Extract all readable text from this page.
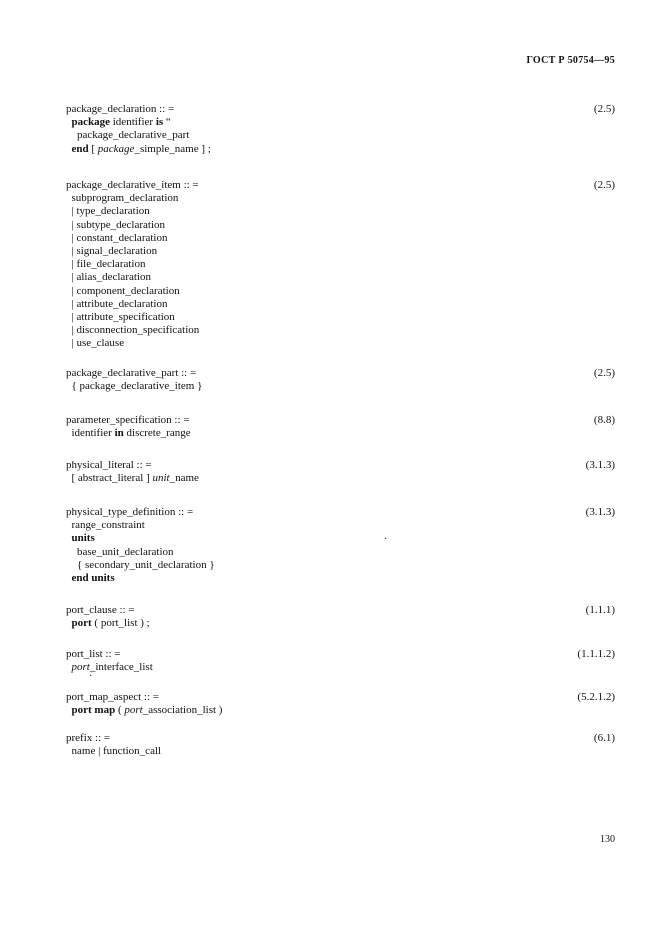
ГОСТ Р 50754—95
package_declaration :: =
package identifier is “
package_declarative_part
end [ package_simple_name ] ;
(2.5)
package_declarative_item :: =
subprogram_declaration
| type_declaration
| subtype_declaration
| constant_declaration
| signal_declaration
| file_declaration
| alias_declaration
| component_declaration
| attribute_declaration
| attribute_specification
| disconnection_specification
| use_clause
(2.5)
package_declarative_part :: =
{ package_declarative_item }
(2.5)
parameter_specification :: =
identifier in discrete_range
(8.8)
physical_literal :: =
[ abstract_literal ] unit_name
(3.1.3)
physical_type_definition :: =
range_constraint
units
base_unit_declaration
{ secondary_unit_declaration }
end units
(3.1.3)
port_clause :: =
port ( port_list ) ;
(1.1.1)
port_list :: =
port_interface_list
(1.1.1.2)
port_map_aspect :: =
port map ( port_association_list )
(5.2.1.2)
prefix :: =
name | function_call
(6.1)
·
·
130
